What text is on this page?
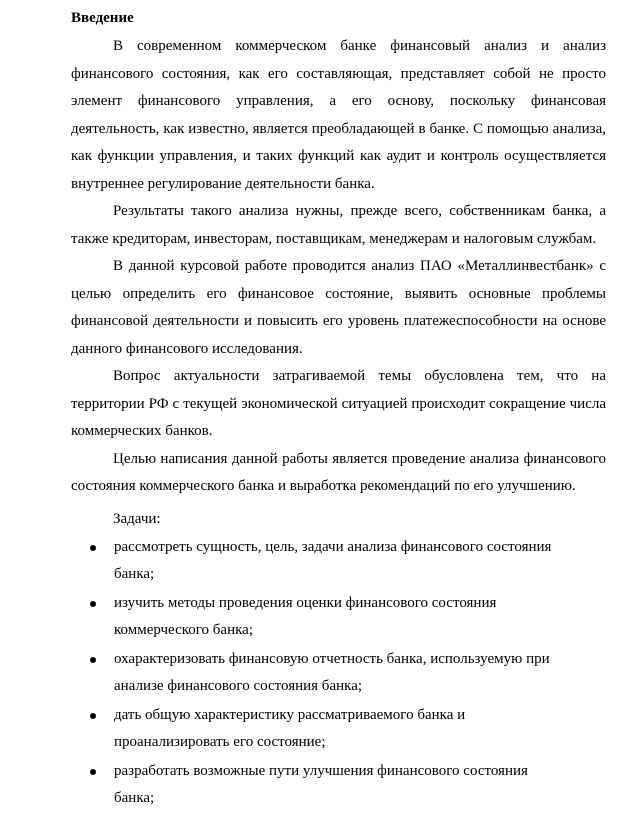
Введение

В современном коммерческом банке финансовый анализ и анализ финансового состояния, как его составляющая, представляет собой не просто элемент финансового управления, а его основу, поскольку финансовая деятельность, как известно, является преобладающей в банке. С помощью анализа, как функции управления, и таких функций как аудит и контроль осуществляется внутреннее регулирование деятельности банка.

Результаты такого анализа нужны, прежде всего, собственникам банка, а также кредиторам, инвесторам, поставщикам, менеджерам и налоговым службам.

В данной курсовой работе проводится анализ ПАО «Металлинвестбанк» с целью определить его финансовое состояние, выявить основные проблемы финансовой деятельности и повысить его уровень платежеспособности на основе данного финансового исследования.

Вопрос актуальности затрагиваемой темы обусловлена тем, что на территории РФ с текущей экономической ситуацией происходит сокращение числа коммерческих банков.

Целью написания данной работы является проведение анализа финансового состояния коммерческого банка и выработка рекомендаций по его улучшению.

Задачи:
рассмотреть сущность, цель, задачи анализа финансового состояния банка;
изучить методы проведения оценки финансового состояния коммерческого банка;
охарактеризовать финансовую отчетность банка, используемую при анализе финансового состояния банка;
дать общую характеристику рассматриваемого банка и проанализировать его состояние;
разработать возможные пути улучшения финансового состояния банка;
